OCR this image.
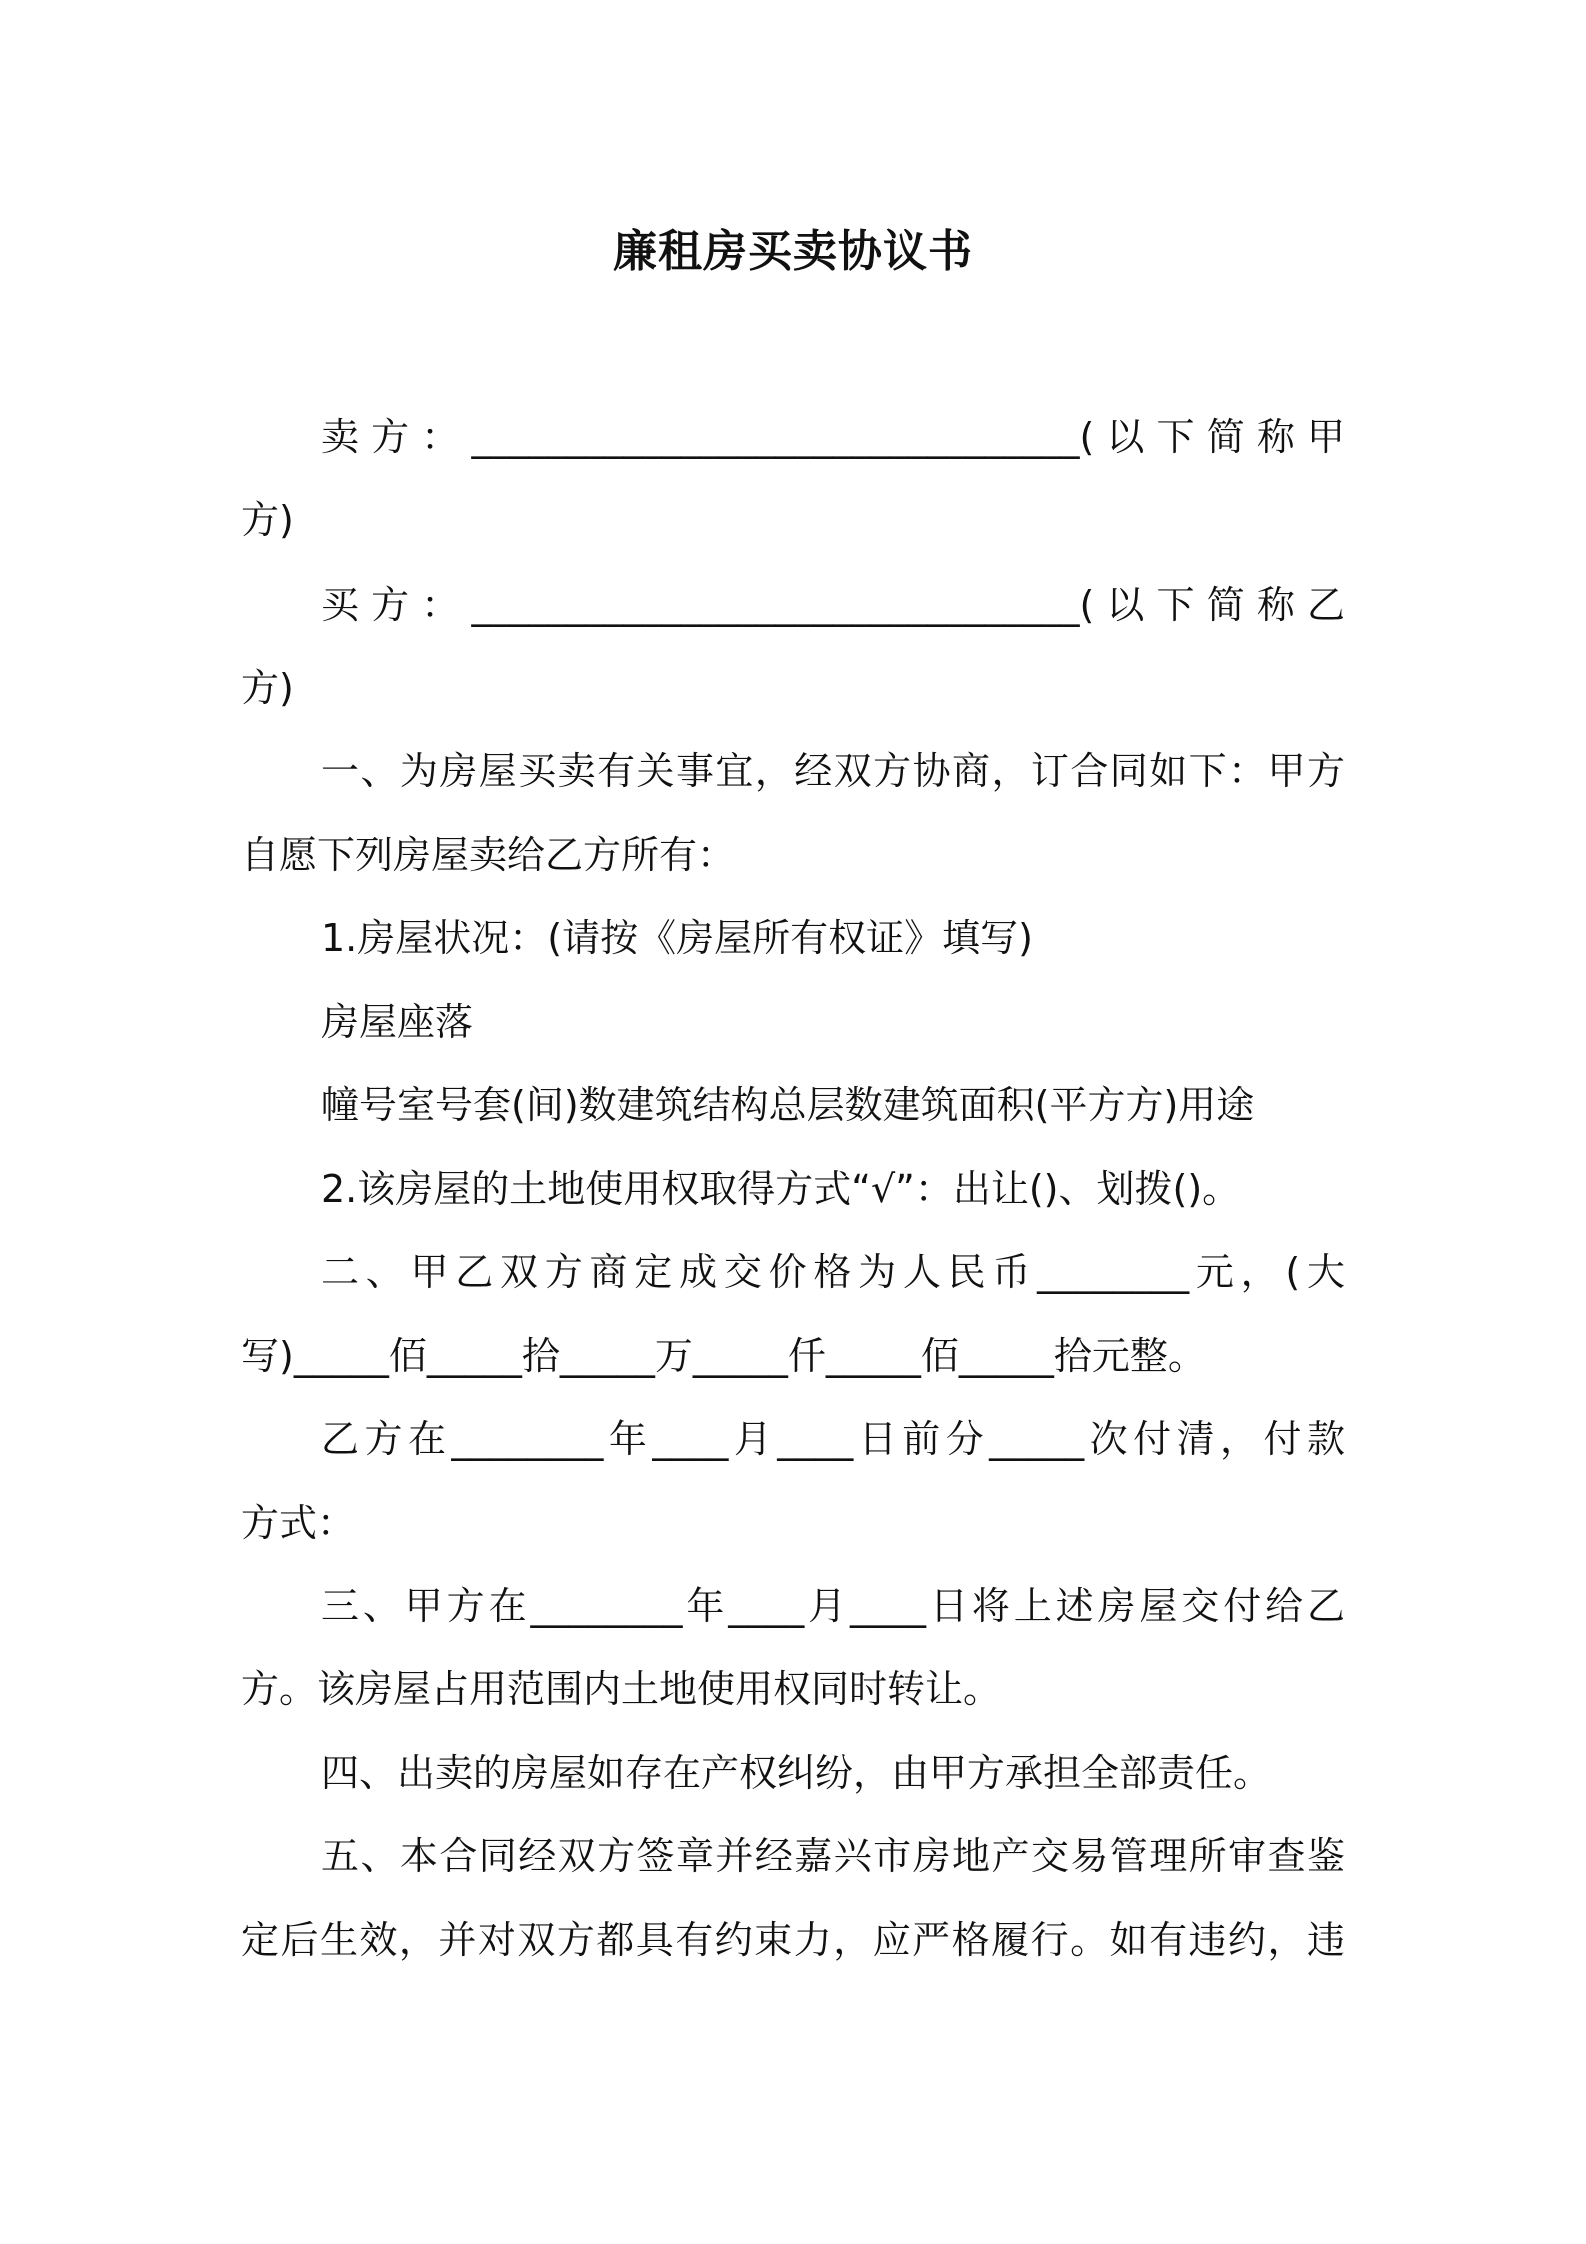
廉租房买卖协议书
卖方：________________________________(以下简称甲
方)
买方：________________________________(以下简称乙
方)
一、为房屋买卖有关事宜，经双方协商，订合同如下：甲方
自愿下列房屋卖给乙方所有：
1.房屋状况：(请按《房屋所有权证》填写)
房屋座落
幢号室号套(间)数建筑结构总层数建筑面积(平方方)用途
2.该房屋的土地使用权取得方式“√”：出让()、划拨()。
二、甲乙双方商定成交价格为人民币________元，(大
写)_____佰_____拾_____万_____仟_____佰_____拾元整。
乙方在________年____月____日前分_____次付清，付款
方式：
三、甲方在________年____月____日将上述房屋交付给乙
方。该房屋占用范围内土地使用权同时转让。
四、出卖的房屋如存在产权纠纷，由甲方承担全部责任。
五、本合同经双方签章并经嘉兴市房地产交易管理所审查鉴
定后生效，并对双方都具有约束力，应严格履行。如有违约，违
